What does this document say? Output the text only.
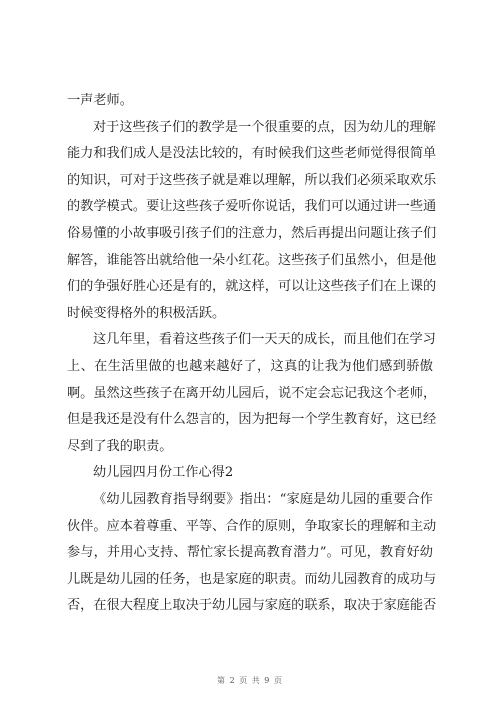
一声老师。
对于这些孩子们的教学是一个很重要的点，因为幼儿的理解
能力和我们成人是没法比较的，有时候我们这些老师觉得很简单
的知识，可对于这些孩子就是难以理解，所以我们必须采取欢乐
的教学模式。要让这些孩子爱听你说话，我们可以通过讲一些通
俗易懂的小故事吸引孩子们的注意力，然后再提出问题让孩子们
解答，谁能答出就给他一朵小红花。这些孩子们虽然小，但是他
们的争强好胜心还是有的，就这样，可以让这些孩子们在上课的
时候变得格外的积极活跃。
这几年里，看着这些孩子们一天天的成长，而且他们在学习
上、在生活里做的也越来越好了，这真的让我为他们感到骄傲
啊。虽然这些孩子在离开幼儿园后，说不定会忘记我这个老师，
但是我还是没有什么怨言的，因为把每一个学生教育好，这已经
尽到了我的职责。
幼儿园四月份工作心得2
《幼儿园教育指导纲要》指出：“家庭是幼儿园的重要合作
伙伴。应本着尊重、平等、合作的原则，争取家长的理解和主动
参与，并用心支持、帮忙家长提高教育潜力”。可见，教育好幼
儿既是幼儿园的任务，也是家庭的职责。而幼儿园教育的成功与
否，在很大程度上取决于幼儿园与家庭的联系，取决于家庭能否
第 2 页 共 9 页
